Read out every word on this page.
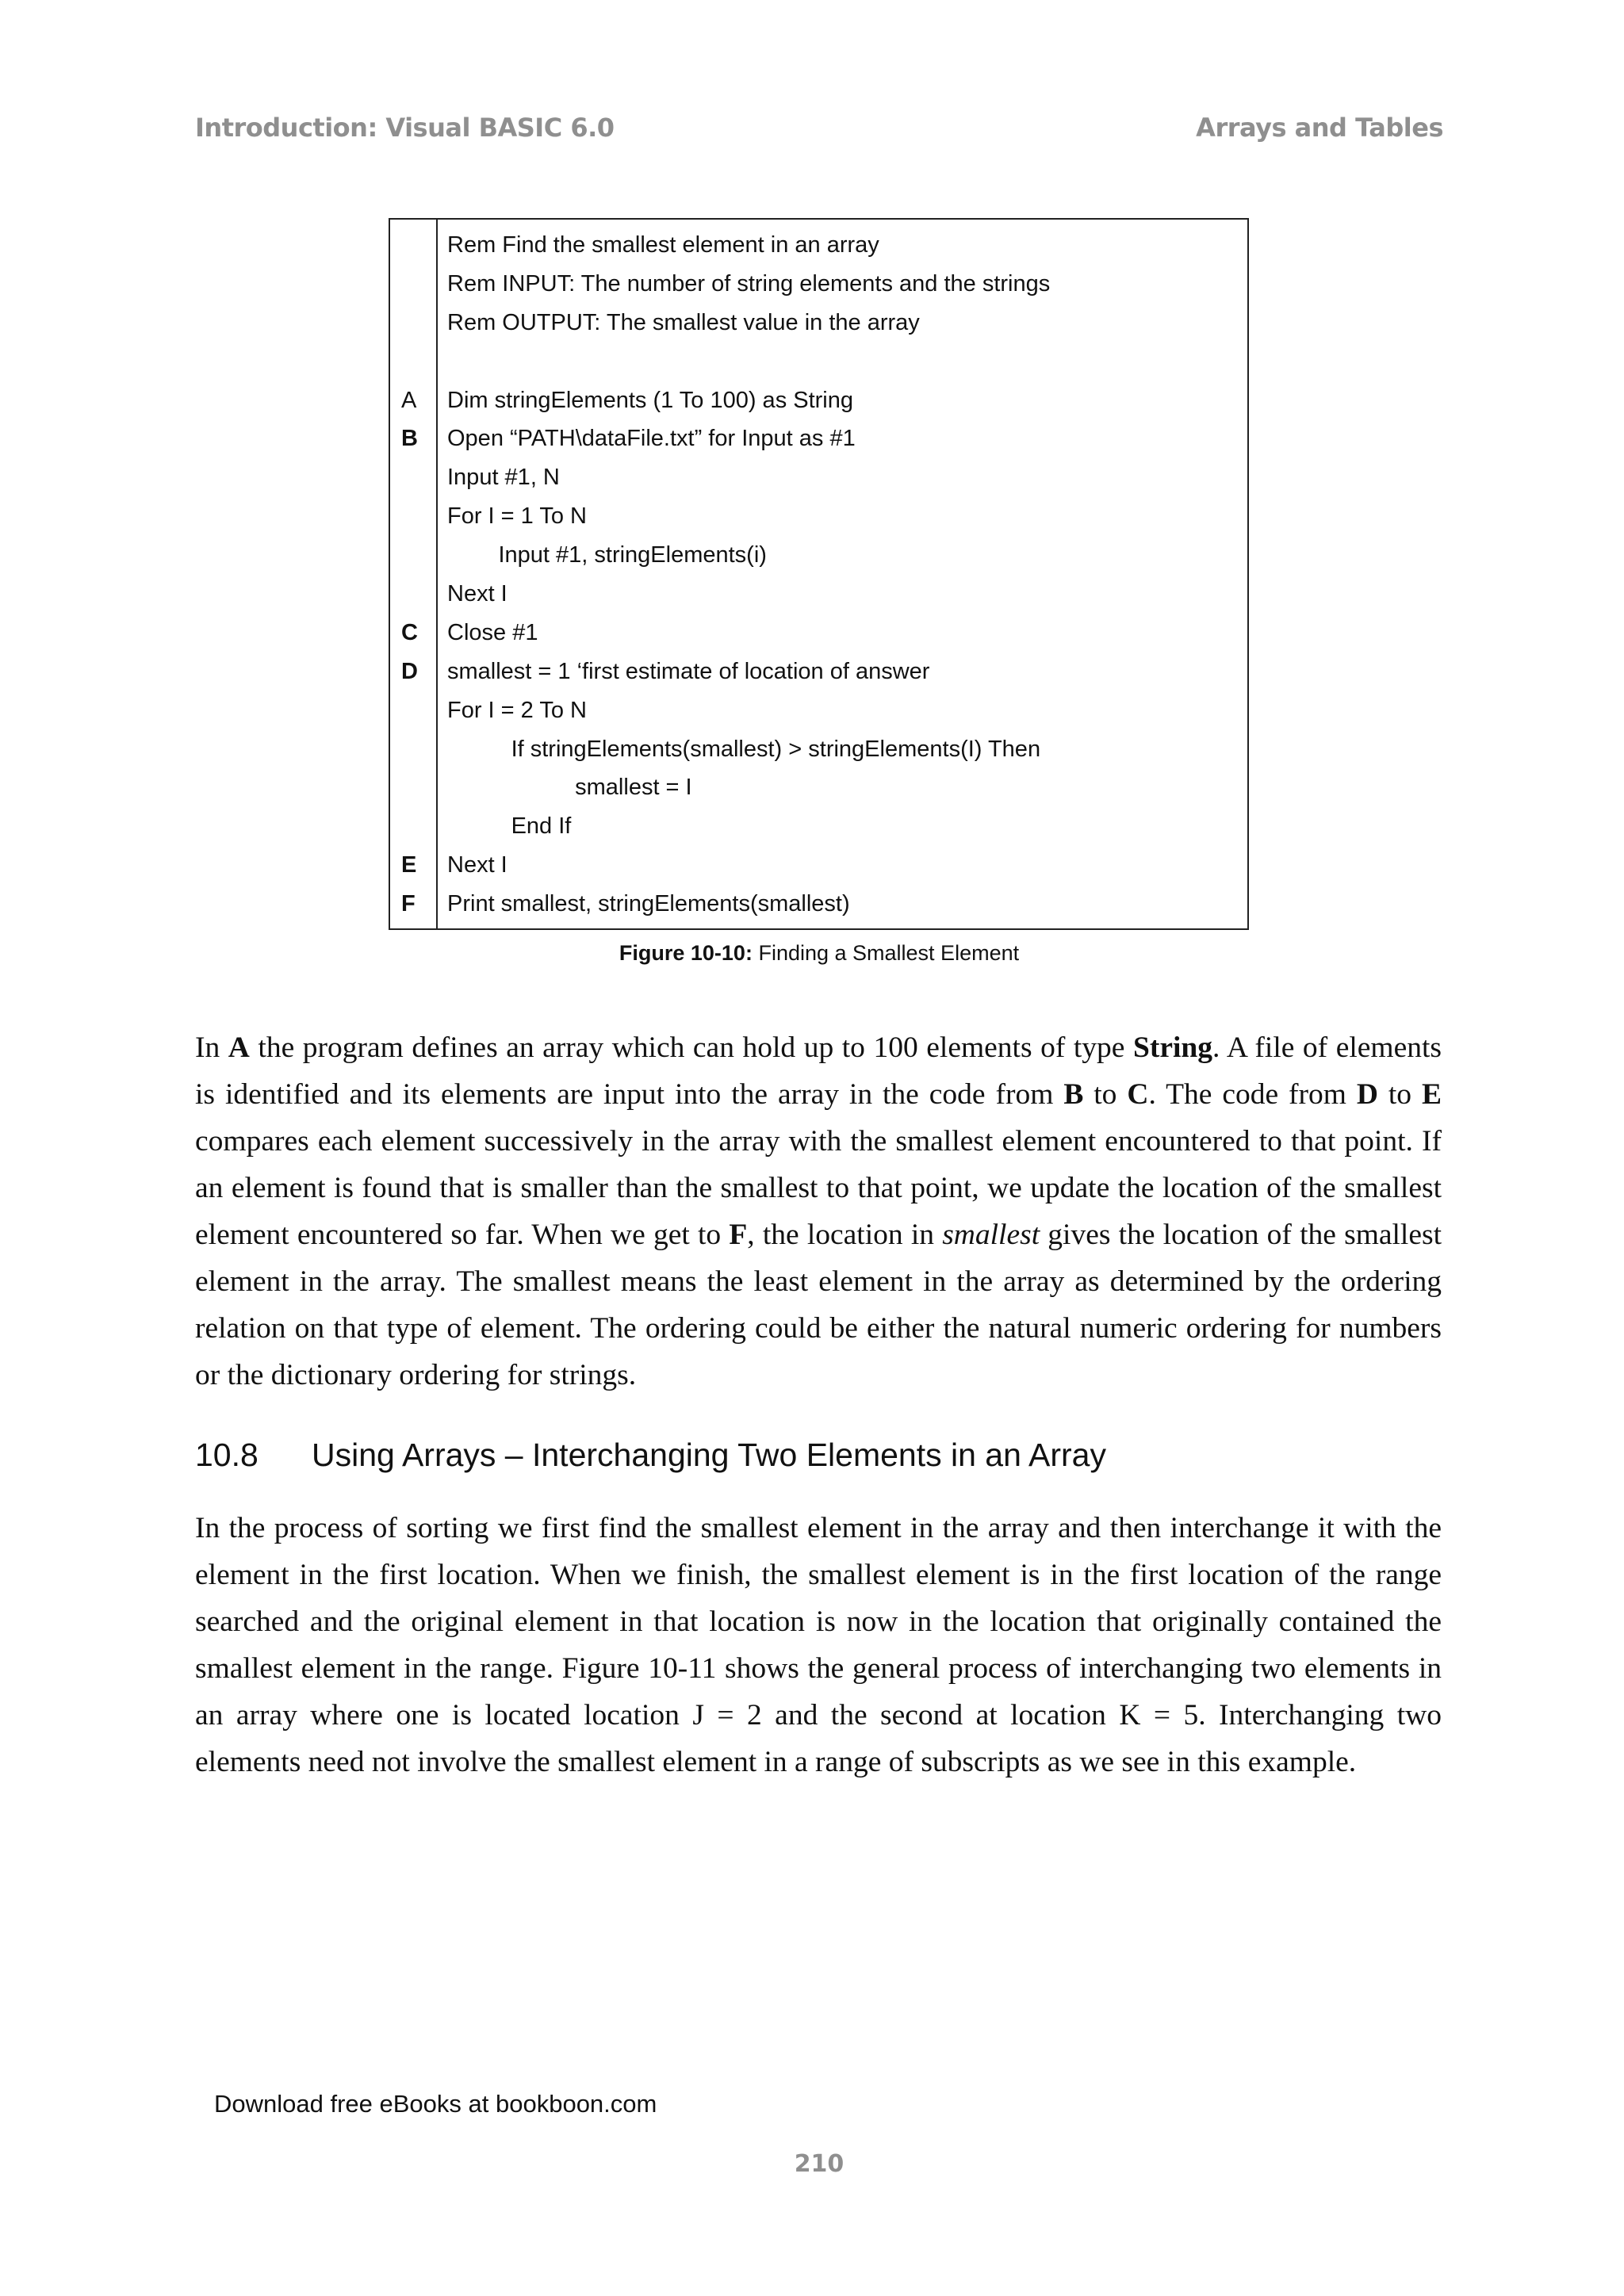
Introduction: Visual BASIC 6.0	Arrays and Tables
	Rem Find the smallest element in an array
	Rem INPUT: The number of string elements and the strings
	Rem OUTPUT: The smallest value in the array

A	Dim stringElements (1 To 100) as String
B	Open “PATH\dataFile.txt” for Input as #1
	Input #1, N
	For I = 1 To N
	Input #1, stringElements(i)
	Next I
C	Close #1
D	smallest = 1 ‘first estimate of location of answer
	For I = 2 To N
	If stringElements(smallest) > stringElements(I) Then
	smallest = I
	End If
E	Next I
F	Print smallest, stringElements(smallest)
Figure 10-10: Finding a Smallest Element

In A the program defines an array which can hold up to 100 elements of type String. A file of elements is identified and its elements are input into the array in the code from B to C. The code from D to E compares each element successively in the array with the smallest element encountered to that point. If an element is found that is smaller than the smallest to that point, we update the location of the smallest element encountered so far. When we get to F, the location in smallest gives the location of the smallest element in the array. The smallest means the least element in the array as determined by the ordering relation on that type of element. The ordering could be either the natural numeric ordering for numbers or the dictionary ordering for strings.

10.8 Using Arrays – Interchanging Two Elements in an Array

In the process of sorting we first find the smallest element in the array and then interchange it with the element in the first location. When we finish, the smallest element is in the first location of the range searched and the original element in that location is now in the location that originally contained the smallest element in the range. Figure 10-11 shows the general process of interchanging two elements in an array where one is located location J = 2 and the second at location K = 5. Interchanging two elements need not involve the smallest element in a range of subscripts as we see in this example.

Download free eBooks at bookboon.com
210
